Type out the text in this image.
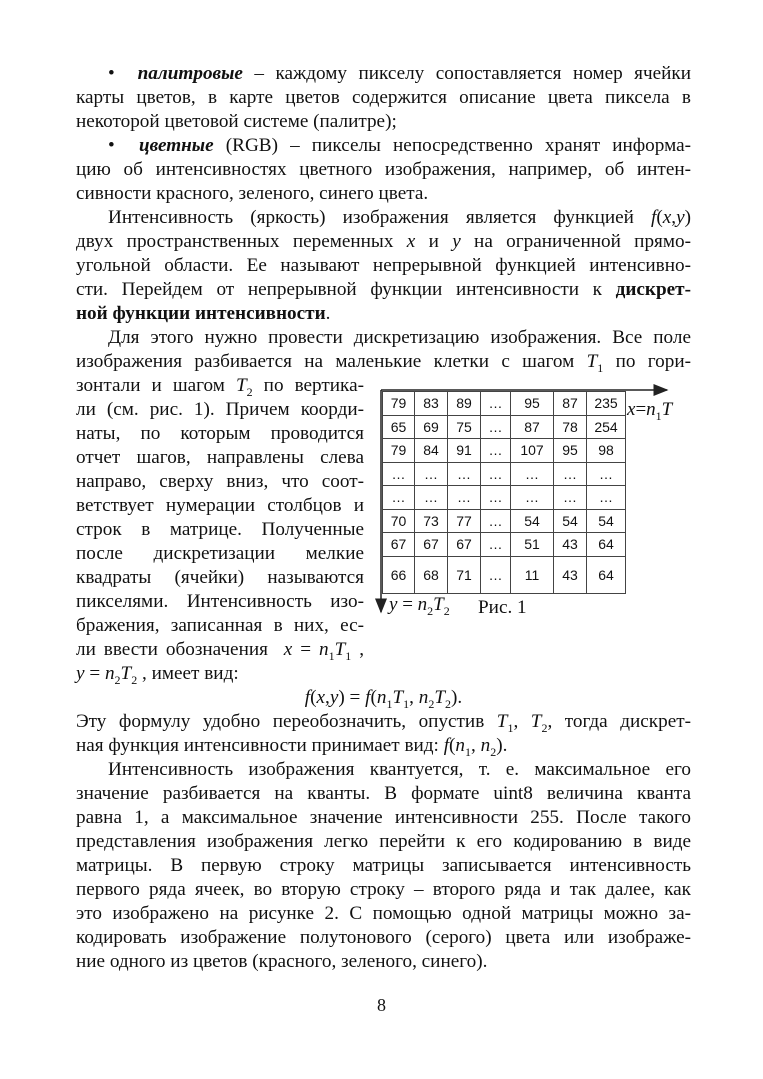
•  палитровые – каждому пикселу сопоставляется номер ячейки
карты цветов, в карте цветов содержится описание цвета пиксела в
некоторой цветовой системе (палитре);
•  цветные (RGB) – пикселы непосредственно хранят информа-
цию об интенсивностях цветного изображения, например, об интен-
сивности красного, зеленого, синего цвета.
Интенсивность (яркость) изображения является функцией f(x,y)
двух пространственных переменных x и y на ограниченной прямо-
угольной области. Ее называют непрерывной функцией интенсивно-
сти. Перейдем от непрерывной функции интенсивности к дискрет-
ной функции интенсивности.
Для этого нужно провести дискретизацию изображения. Все поле
изображения разбивается на маленькие клетки с шагом $T_1$ по гори-
зонтали и шагом $T_2$ по вертика-
ли (см. рис. 1). Причем коорди-
наты, по которым проводится
отчет шагов, направлены слева
направо, сверху вниз, что соот-
ветствует нумерации столбцов и
строк в матрице. Полученные
после дискретизации мелкие
квадраты (ячейки) называются
пикселями. Интенсивность изо-
бражения, записанная в них, ес-
ли ввести обозначения  $x = n_1T_1$ ,
$y = n_2T_2$ , имеет вид:
$f(x,y) = f(n_1T_1$, $n_2T_2$).
Эту формулу удобно переобозначить, опустив $T_1$, $T_2$, тогда дискрет-
ная функция интенсивности принимает вид: $f(n_1$, $n_2$).
Интенсивность изображения квантуется, т. е. максимальное его
значение разбивается на кванты. В формате uint8 величина кванта
равна 1, а максимальное значение интенсивности 255. После такого
представления изображения легко перейти к его кодированию в виде
матрицы. В первую строку матрицы записывается интенсивность
первого ряда ячеек, во вторую строку – второго ряда и так далее, как
это изображено на рисунке 2. С помощью одной матрицы можно за-
кодировать изображение полутонового (серого) цвета или изображе-
ние одного из цветов (красного, зеленого, синего).
79	83	89	…	95	87	235
65	69	75	…	87	78	254
79	84	91	…	107	95	98
…	…	…	…	…	…	…
…	…	…	…	…	…	…
70	73	77	…	54	54	54
67	67	67	…	51	43	64
66	68	71	…	11	43	64
$x=n_1T$
$y = n_2T_2$ Рис. 1
8
